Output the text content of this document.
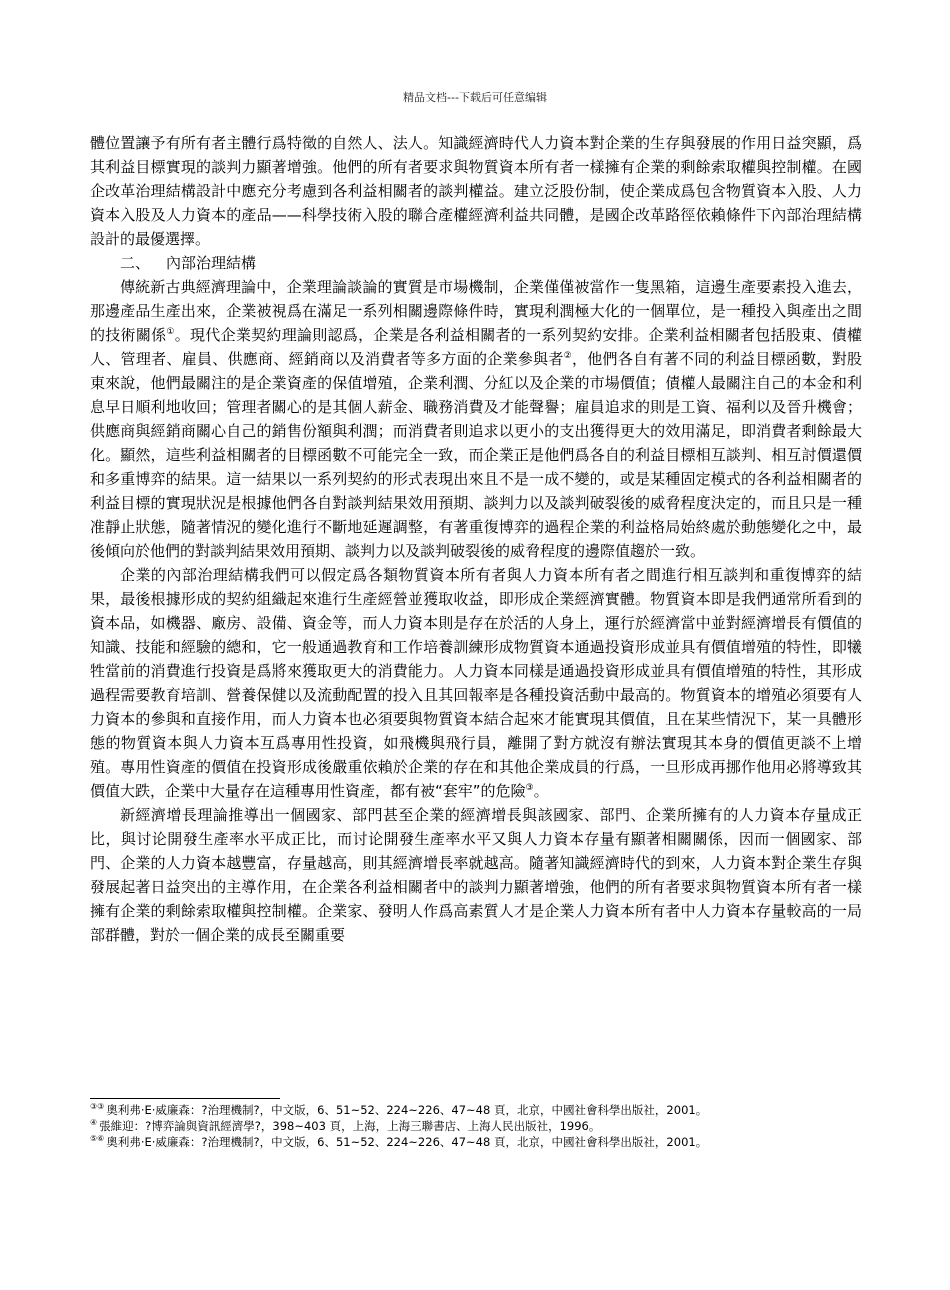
精品文档---下载后可任意编辑

體位置讓予有所有者主體行爲特徵的自然人、法人。知識經濟時代人力資本對企業的生存與發展的作用日益突顯，爲其利益目標實現的談判力顯著增強。他們的所有者要求與物質資本所有者一樣擁有企業的剩餘索取權與控制權。在國企改革治理結構設計中應充分考慮到各利益相關者的談判權益。建立泛股份制，使企業成爲包含物質資本入股、人力資本入股及人力資本的產品——科學技術入股的聯合產權經濟利益共同體，是國企改革路徑依賴條件下內部治理結構設計的最優選擇。

二、 內部治理結構

傳統新古典經濟理論中，企業理論談論的實質是市場機制，企業僅僅被當作一隻黑箱，這邊生產要素投入進去，那邊產品生產出來，企業被視爲在滿足一系列相關邊際條件時，實現利潤極大化的一個單位，是一種投入與產出之間的技術關係①。現代企業契約理論則認爲，企業是各利益相關者的一系列契約安排。企業利益相關者包括股東、債權人、管理者、雇員、供應商、經銷商以及消費者等多方面的企業參與者②，他們各自有著不同的利益目標函數，對股東來說，他們最關注的是企業資產的保值增殖，企業利潤、分紅以及企業的市場價值；債權人最關注自己的本金和利息早日順利地收回；管理者關心的是其個人薪金、職務消費及才能聲譽；雇員追求的則是工資、福利以及晉升機會；供應商與經銷商關心自己的銷售份額與利潤；而消費者則追求以更小的支出獲得更大的效用滿足，即消費者剩餘最大化。顯然，這些利益相關者的目標函數不可能完全一致，而企業正是他們爲各自的利益目標相互談判、相互討價還價和多重博弈的結果。這一結果以一系列契約的形式表現出來且不是一成不變的，或是某種固定模式的各利益相關者的利益目標的實現狀況是根據他們各自對談判結果效用預期、談判力以及談判破裂後的威脅程度決定的，而且只是一種准靜止狀態，隨著情況的變化進行不斷地延遲調整，有著重復博弈的過程企業的利益格局始終處於動態變化之中，最後傾向於他們的對談判結果效用預期、談判力以及談判破裂後的威脅程度的邊際值趨於一致。

企業的內部治理結構我們可以假定爲各類物質資本所有者與人力資本所有者之間進行相互談判和重復博弈的結果，最後根據形成的契約組織起來進行生產經營並獲取收益，即形成企業經濟實體。物質資本即是我們通常所看到的資本品，如機器、廠房、設備、資金等，而人力資本則是存在於活的人身上，運行於經濟當中並對經濟增長有價值的知識、技能和經驗的總和，它一般通過教育和工作培養訓練形成物質資本通過投資形成並具有價值增殖的特性，即犧牲當前的消費進行投資是爲將來獲取更大的消費能力。人力資本同樣是通過投資形成並具有價值增殖的特性，其形成過程需要教育培訓、營養保健以及流動配置的投入且其回報率是各種投資活動中最高的。物質資本的增殖必須要有人力資本的參與和直接作用，而人力資本也必須要與物質資本結合起來才能實現其價值，且在某些情況下，某一具體形態的物質資本與人力資本互爲專用性投資，如飛機與飛行員，離開了對方就沒有辦法實現其本身的價值更談不上增殖。專用性資產的價值在投資形成後嚴重依賴於企業的存在和其他企業成員的行爲，一旦形成再挪作他用必將導致其價值大跌，企業中大量存在這種專用性資產，都有被“套牢”的危險③。

新經濟增長理論推導出一個國家、部門甚至企業的經濟增長與該國家、部門、企業所擁有的人力資本存量成正比，與讨论開發生產率水平成正比，而讨论開發生產率水平又與人力資本存量有顯著相關關係，因而一個國家、部門、企業的人力資本越豐富，存量越高，則其經濟增長率就越高。隨著知識經濟時代的到來，人力資本對企業生存與發展起著日益突出的主導作用，在企業各利益相關者中的談判力顯著增強，他們的所有者要求與物質資本所有者一樣擁有企業的剩餘索取權與控制權。企業家、發明人作爲高素質人才是企業人力資本所有者中人力資本存量較高的一局部群體，對於一個企業的成長至關重要

③③ 奧利弗·E·威廉森：?治理機制?，中文版，6、51~52、224~226、47~48 頁，北京，中國社會科學出版社，2001。

④ 張維迎：?博弈論與資訊經濟學?，398~403 頁，上海，上海三聯書店、上海人民出版社，1996。

⑤⑥ 奧利弗·E·威廉森：?治理機制?，中文版，6、51~52、224~226、47~48 頁，北京，中國社會科學出版社，2001。
